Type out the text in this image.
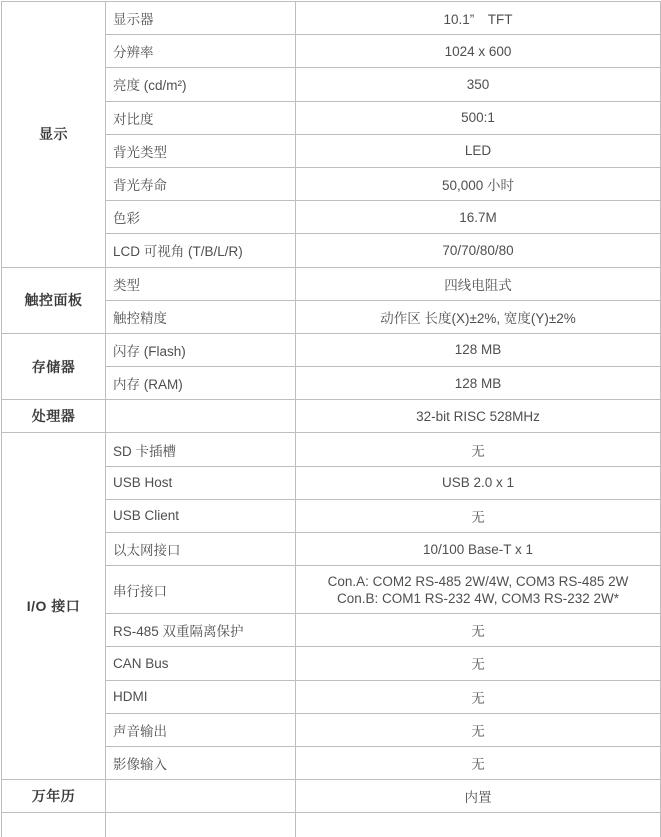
显示	显示器	10.1”　TFT
	分辨率	1024 x 600
	亮度 (cd/m²)	350
	对比度	500:1
	背光类型	LED
	背光寿命	50,000 小时
	色彩	16.7M
	LCD 可视角 (T/B/L/R)	70/70/80/80
触控面板	类型	四线电阻式
	触控精度	动作区 长度(X)±2%, 宽度(Y)±2%
存储器	闪存 (Flash)	128 MB
	内存 (RAM)	128 MB
处理器		32-bit RISC 528MHz
I/O 接口	SD 卡插槽	无
	USB Host	USB 2.0 x 1
	USB Client	无
	以太网接口	10/100 Base-T x 1
	串行接口	Con.A: COM2 RS-485 2W/4W, COM3 RS-485 2W
Con.B: COM1 RS-232 4W, COM3 RS-232 2W*

	RS-485 双重隔离保护	无
	CAN Bus	无
	HDMI	无
	声音输出	无
	影像输入	无
万年历		内置
